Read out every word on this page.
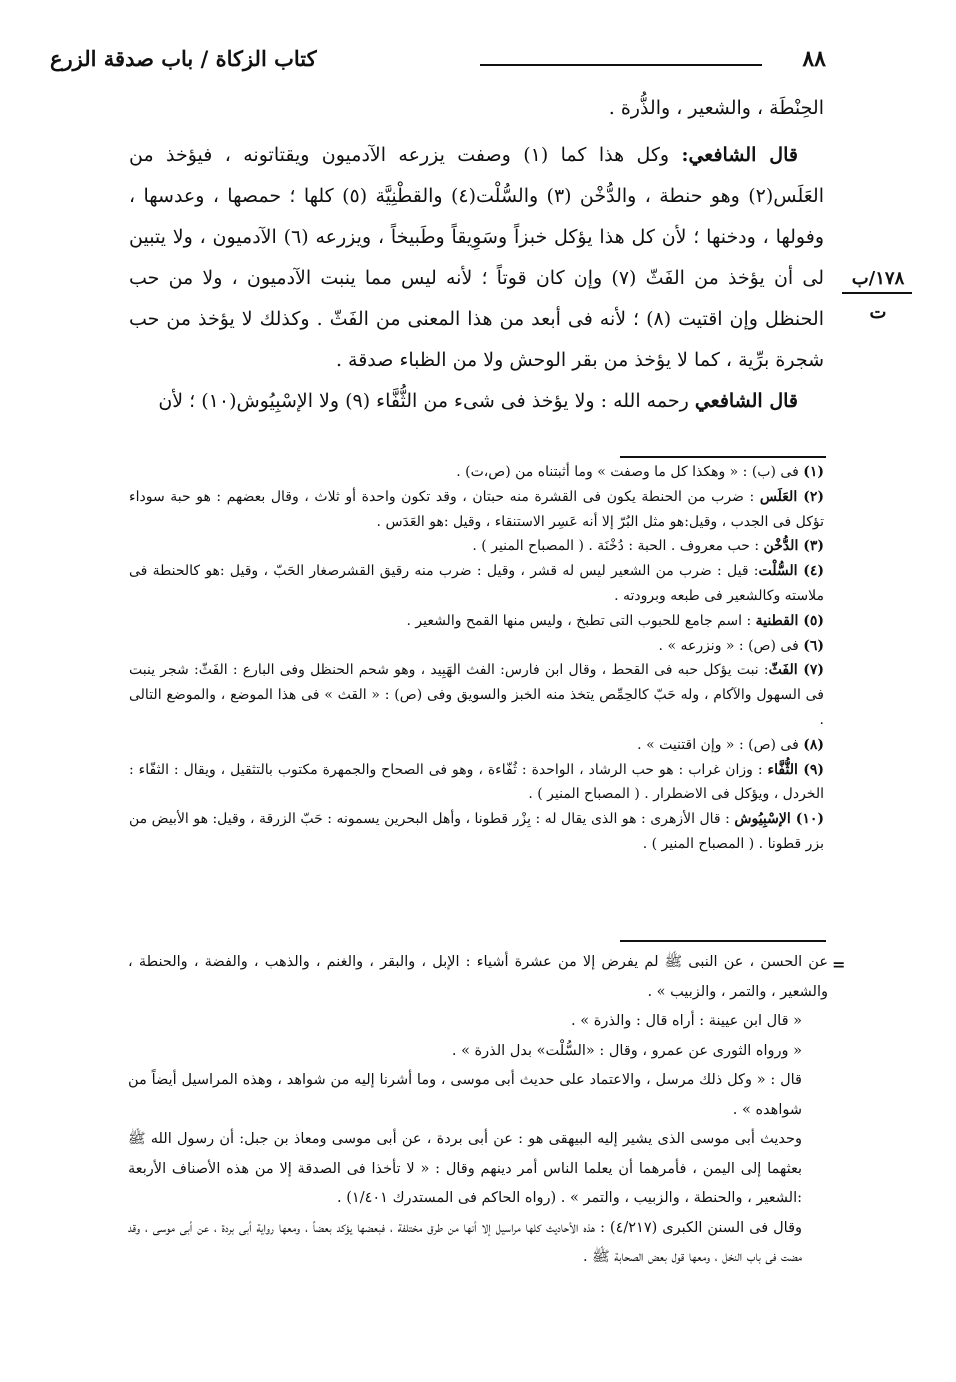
٨٨
كتاب الزكاة / باب صدقة الزرع

الحِنْطَة ، والشعير ، والذُّرة .

قال الشافعي: وكل هذا كما (١) وصفت يزرعه الآدميون ويقتاتونه ، فيؤخذ من العَلَس(٢) وهو حنطة ، والدُّخْن (٣) والسُّلْت(٤) والقطْنِيَّة (٥) كلها ؛ حمصها ، وعدسها ، وفولها ، ودخنها ؛ لأن كل هذا يؤكل خبزاً وسَوِيقاً وطَبيخاً ، ويزرعه (٦) الآدميون ، ولا يتبين لى أن يؤخذ من الفَثّ (٧) وإن كان قوتاً ؛ لأنه ليس مما ينبت الآدميون ، ولا من حب الحنظل وإن اقتيت (٨) ؛ لأنه فى أبعد من هذا المعنى من الفَثّ . وكذلك لا يؤخذ من حب شجرة برِّية ، كما لا يؤخذ من بقر الوحش ولا من الظباء صدقة .

قال الشافعي رحمه الله : ولا يؤخذ فى شىء من الثُّفَّاء (٩) ولا الإسْبِيُوش(١٠) ؛ لأن

١٧٨/ب
ت

(١) فى (ب) : « وهكذا كل ما وصفت » وما أثبتناه من (ص،ت) .

(٢) العَلَس : ضرب من الحنطة يكون فى القشرة منه حبتان ، وقد تكون واحدة أو ثلاث ، وقال بعضهم : هو حبة سوداء تؤكل فى الجدب ، وقيل:هو مثل البُرّ إلا أنه عَسِر الاستنقاء ، وقيل :هو العَدَس .

(٣) الدُّخْن : حب معروف . الحبة : دُخْنَة . ( المصباح المنير ) .

(٤) السُّلْت: قيل : ضرب من الشعير ليس له قشر ، وقيل : ضرب منه رقيق القشرصغار الحَبّ ، وقيل :هو كالحنطة فى ملاسته وكالشعير فى طبعه وبرودته .

(٥) القطنية : اسم جامع للحبوب التى تطبخ ، وليس منها القمح والشعير .

(٦) فى (ص) : « ونزرعه » .

(٧) الفَثّ: نبت يؤكل حبه فى القحط ، وقال ابن فارس: الفث الهَبِيد ، وهو شحم الحنظل وفى البارع : الفَثّ: شجر ينبت فى السهول والآكام ، وله حَبّ كالحِمِّص يتخذ منه الخبز والسويق وفى (ص) : « القث » فى هذا الموضع ، والموضع التالى .

(٨) فى (ص) : « وإن اقتنيت » .

(٩) الثُّفَّاء : وزان غراب : هو حب الرشاد ، الواحدة : ثُفّاءة ، وهو فى الصحاح والجمهرة مكتوب بالتثقيل ، ويقال : الثفّاء : الخردل ، ويؤكل فى الاضطرار . ( المصباح المنير ) .

(١٠) الإسْبِيُوش : قال الأزهرى : هو الذى يقال له : بِزْر قطونا ، وأهل البحرين يسمونه : حَبّ الزرقة ، وقيل: هو الأبيض من بزر قطونا . ( المصباح المنير ) .

=

عن الحسن ، عن النبى ﷺ لم يفرض إلا من عشرة أشياء : الإبل ، والبقر ، والغنم ، والذهب ، والفضة ، والحنطة ، والشعير ، والتمر ، والزبيب » .

« قال ابن عيينة : أراه قال : والذرة » .

« ورواه الثورى عن عمرو ، وقال : «السُّلْت» بدل الذرة » .

قال : « وكل ذلك مرسل ، والاعتماد على حديث أبى موسى ، وما أشرنا إليه من شواهد ، وهذه المراسيل أيضاً من شواهده » .

وحديث أبى موسى الذى يشير إليه البيهقى هو : عن أبى بردة ، عن أبى موسى ومعاذ بن جبل: أن رسول الله ﷺ بعثهما إلى اليمن ، فأمرهما أن يعلما الناس أمر دينهم وقال : « لا تأخذا فى الصدقة إلا من هذه الأصناف الأربعة :الشعير ، والحنطة ، والزبيب ، والتمر » . (رواه الحاكم فى المستدرك ١/٤٠١) .

وقال فى السنن الكبرى (٤/٢١٧) : هذه الأحاديث كلها مراسيل إلا أنها من طرق مختلفة ، فبعضها يؤكد بعضاً ، ومعها رواية أبى بردة ، عن أبى موسى ، وقد مضت فى باب النخل ، ومعها قول بعض الصحابة ﷺ .
